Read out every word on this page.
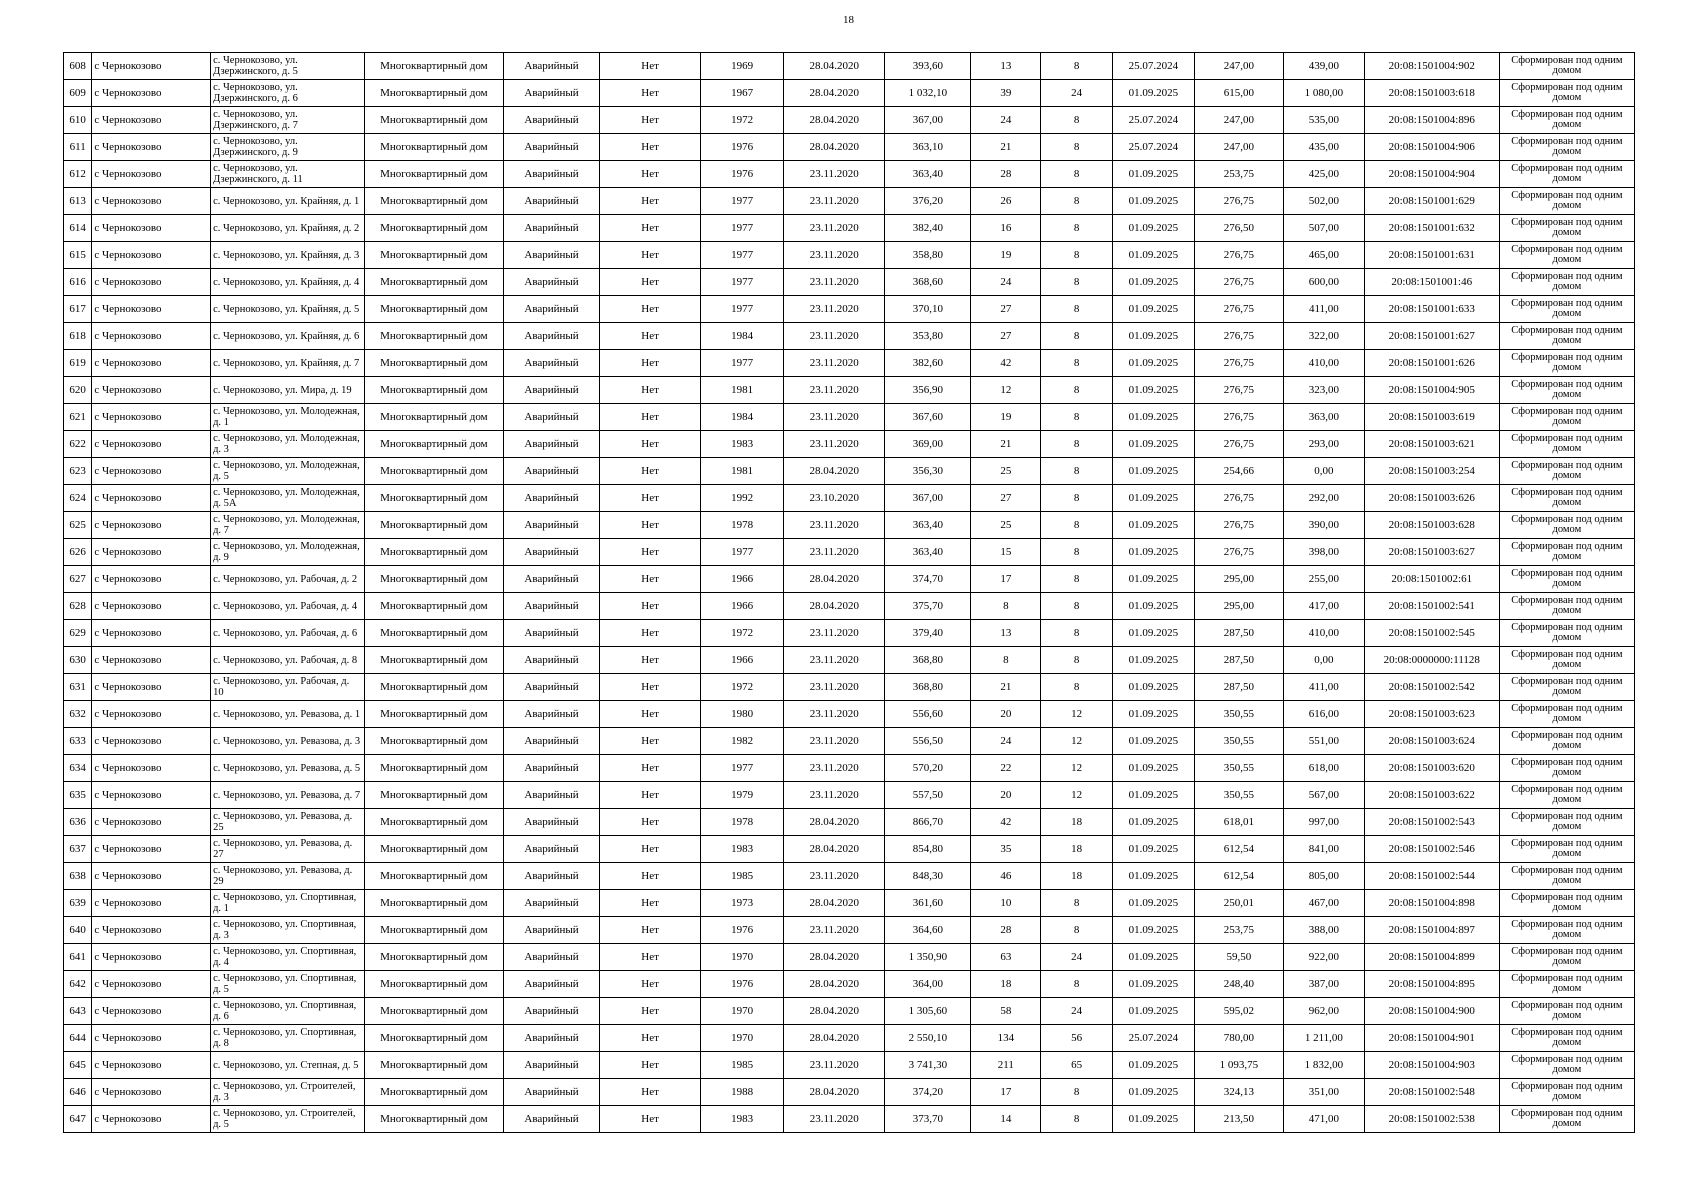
18
608	с Чернокозово	с. Чернокозово, ул. Дзержинского, д. 5	Многоквартирный дом	Аварийный	Нет	1969	28.04.2020	393,60	13	8	25.07.2024	247,00	439,00	20:08:1501004:902	Сформирован под одним домом
609	с Чернокозово	с. Чернокозово, ул. Дзержинского, д. 6	Многоквартирный дом	Аварийный	Нет	1967	28.04.2020	1 032,10	39	24	01.09.2025	615,00	1 080,00	20:08:1501003:618	Сформирован под одним домом
610	с Чернокозово	с. Чернокозово, ул. Дзержинского, д. 7	Многоквартирный дом	Аварийный	Нет	1972	28.04.2020	367,00	24	8	25.07.2024	247,00	535,00	20:08:1501004:896	Сформирован под одним домом
611	с Чернокозово	с. Чернокозово, ул. Дзержинского, д. 9	Многоквартирный дом	Аварийный	Нет	1976	28.04.2020	363,10	21	8	25.07.2024	247,00	435,00	20:08:1501004:906	Сформирован под одним домом
612	с Чернокозово	с. Чернокозово, ул. Дзержинского, д. 11	Многоквартирный дом	Аварийный	Нет	1976	23.11.2020	363,40	28	8	01.09.2025	253,75	425,00	20:08:1501004:904	Сформирован под одним домом
613	с Чернокозово	с. Чернокозово, ул. Крайняя, д. 1	Многоквартирный дом	Аварийный	Нет	1977	23.11.2020	376,20	26	8	01.09.2025	276,75	502,00	20:08:1501001:629	Сформирован под одним домом
614	с Чернокозово	с. Чернокозово, ул. Крайняя, д. 2	Многоквартирный дом	Аварийный	Нет	1977	23.11.2020	382,40	16	8	01.09.2025	276,50	507,00	20:08:1501001:632	Сформирован под одним домом
615	с Чернокозово	с. Чернокозово, ул. Крайняя, д. 3	Многоквартирный дом	Аварийный	Нет	1977	23.11.2020	358,80	19	8	01.09.2025	276,75	465,00	20:08:1501001:631	Сформирован под одним домом
616	с Чернокозово	с. Чернокозово, ул. Крайняя, д. 4	Многоквартирный дом	Аварийный	Нет	1977	23.11.2020	368,60	24	8	01.09.2025	276,75	600,00	20:08:1501001:46	Сформирован под одним домом
617	с Чернокозово	с. Чернокозово, ул. Крайняя, д. 5	Многоквартирный дом	Аварийный	Нет	1977	23.11.2020	370,10	27	8	01.09.2025	276,75	411,00	20:08:1501001:633	Сформирован под одним домом
618	с Чернокозово	с. Чернокозово, ул. Крайняя, д. 6	Многоквартирный дом	Аварийный	Нет	1984	23.11.2020	353,80	27	8	01.09.2025	276,75	322,00	20:08:1501001:627	Сформирован под одним домом
619	с Чернокозово	с. Чернокозово, ул. Крайняя, д. 7	Многоквартирный дом	Аварийный	Нет	1977	23.11.2020	382,60	42	8	01.09.2025	276,75	410,00	20:08:1501001:626	Сформирован под одним домом
620	с Чернокозово	с. Чернокозово, ул. Мира, д. 19	Многоквартирный дом	Аварийный	Нет	1981	23.11.2020	356,90	12	8	01.09.2025	276,75	323,00	20:08:1501004:905	Сформирован под одним домом
621	с Чернокозово	с. Чернокозово, ул. Молодежная, д. 1	Многоквартирный дом	Аварийный	Нет	1984	23.11.2020	367,60	19	8	01.09.2025	276,75	363,00	20:08:1501003:619	Сформирован под одним домом
622	с Чернокозово	с. Чернокозово, ул. Молодежная, д. 3	Многоквартирный дом	Аварийный	Нет	1983	23.11.2020	369,00	21	8	01.09.2025	276,75	293,00	20:08:1501003:621	Сформирован под одним домом
623	с Чернокозово	с. Чернокозово, ул. Молодежная, д. 5	Многоквартирный дом	Аварийный	Нет	1981	28.04.2020	356,30	25	8	01.09.2025	254,66	0,00	20:08:1501003:254	Сформирован под одним домом
624	с Чернокозово	с. Чернокозово, ул. Молодежная, д. 5А	Многоквартирный дом	Аварийный	Нет	1992	23.10.2020	367,00	27	8	01.09.2025	276,75	292,00	20:08:1501003:626	Сформирован под одним домом
625	с Чернокозово	с. Чернокозово, ул. Молодежная, д. 7	Многоквартирный дом	Аварийный	Нет	1978	23.11.2020	363,40	25	8	01.09.2025	276,75	390,00	20:08:1501003:628	Сформирован под одним домом
626	с Чернокозово	с. Чернокозово, ул. Молодежная, д. 9	Многоквартирный дом	Аварийный	Нет	1977	23.11.2020	363,40	15	8	01.09.2025	276,75	398,00	20:08:1501003:627	Сформирован под одним домом
627	с Чернокозово	с. Чернокозово, ул. Рабочая, д. 2	Многоквартирный дом	Аварийный	Нет	1966	28.04.2020	374,70	17	8	01.09.2025	295,00	255,00	20:08:1501002:61	Сформирован под одним домом
628	с Чернокозово	с. Чернокозово, ул. Рабочая, д. 4	Многоквартирный дом	Аварийный	Нет	1966	28.04.2020	375,70	8	8	01.09.2025	295,00	417,00	20:08:1501002:541	Сформирован под одним домом
629	с Чернокозово	с. Чернокозово, ул. Рабочая, д. 6	Многоквартирный дом	Аварийный	Нет	1972	23.11.2020	379,40	13	8	01.09.2025	287,50	410,00	20:08:1501002:545	Сформирован под одним домом
630	с Чернокозово	с. Чернокозово, ул. Рабочая, д. 8	Многоквартирный дом	Аварийный	Нет	1966	23.11.2020	368,80	8	8	01.09.2025	287,50	0,00	20:08:0000000:11128	Сформирован под одним домом
631	с Чернокозово	с. Чернокозово, ул. Рабочая, д. 10	Многоквартирный дом	Аварийный	Нет	1972	23.11.2020	368,80	21	8	01.09.2025	287,50	411,00	20:08:1501002:542	Сформирован под одним домом
632	с Чернокозово	с. Чернокозово, ул. Ревазова, д. 1	Многоквартирный дом	Аварийный	Нет	1980	23.11.2020	556,60	20	12	01.09.2025	350,55	616,00	20:08:1501003:623	Сформирован под одним домом
633	с Чернокозово	с. Чернокозово, ул. Ревазова, д. 3	Многоквартирный дом	Аварийный	Нет	1982	23.11.2020	556,50	24	12	01.09.2025	350,55	551,00	20:08:1501003:624	Сформирован под одним домом
634	с Чернокозово	с. Чернокозово, ул. Ревазова, д. 5	Многоквартирный дом	Аварийный	Нет	1977	23.11.2020	570,20	22	12	01.09.2025	350,55	618,00	20:08:1501003:620	Сформирован под одним домом
635	с Чернокозово	с. Чернокозово, ул. Ревазова, д. 7	Многоквартирный дом	Аварийный	Нет	1979	23.11.2020	557,50	20	12	01.09.2025	350,55	567,00	20:08:1501003:622	Сформирован под одним домом
636	с Чернокозово	с. Чернокозово, ул. Ревазова, д. 25	Многоквартирный дом	Аварийный	Нет	1978	28.04.2020	866,70	42	18	01.09.2025	618,01	997,00	20:08:1501002:543	Сформирован под одним домом
637	с Чернокозово	с. Чернокозово, ул. Ревазова, д. 27	Многоквартирный дом	Аварийный	Нет	1983	28.04.2020	854,80	35	18	01.09.2025	612,54	841,00	20:08:1501002:546	Сформирован под одним домом
638	с Чернокозово	с. Чернокозово, ул. Ревазова, д. 29	Многоквартирный дом	Аварийный	Нет	1985	23.11.2020	848,30	46	18	01.09.2025	612,54	805,00	20:08:1501002:544	Сформирован под одним домом
639	с Чернокозово	с. Чернокозово, ул. Спортивная, д. 1	Многоквартирный дом	Аварийный	Нет	1973	28.04.2020	361,60	10	8	01.09.2025	250,01	467,00	20:08:1501004:898	Сформирован под одним домом
640	с Чернокозово	с. Чернокозово, ул. Спортивная, д. 3	Многоквартирный дом	Аварийный	Нет	1976	23.11.2020	364,60	28	8	01.09.2025	253,75	388,00	20:08:1501004:897	Сформирован под одним домом
641	с Чернокозово	с. Чернокозово, ул. Спортивная, д. 4	Многоквартирный дом	Аварийный	Нет	1970	28.04.2020	1 350,90	63	24	01.09.2025	59,50	922,00	20:08:1501004:899	Сформирован под одним домом
642	с Чернокозово	с. Чернокозово, ул. Спортивная, д. 5	Многоквартирный дом	Аварийный	Нет	1976	28.04.2020	364,00	18	8	01.09.2025	248,40	387,00	20:08:1501004:895	Сформирован под одним домом
643	с Чернокозово	с. Чернокозово, ул. Спортивная, д. 6	Многоквартирный дом	Аварийный	Нет	1970	28.04.2020	1 305,60	58	24	01.09.2025	595,02	962,00	20:08:1501004:900	Сформирован под одним домом
644	с Чернокозово	с. Чернокозово, ул. Спортивная, д. 8	Многоквартирный дом	Аварийный	Нет	1970	28.04.2020	2 550,10	134	56	25.07.2024	780,00	1 211,00	20:08:1501004:901	Сформирован под одним домом
645	с Чернокозово	с. Чернокозово, ул. Степная, д. 5	Многоквартирный дом	Аварийный	Нет	1985	23.11.2020	3 741,30	211	65	01.09.2025	1 093,75	1 832,00	20:08:1501004:903	Сформирован под одним домом
646	с Чернокозово	с. Чернокозово, ул. Строителей, д. 3	Многоквартирный дом	Аварийный	Нет	1988	28.04.2020	374,20	17	8	01.09.2025	324,13	351,00	20:08:1501002:548	Сформирован под одним домом
647	с Чернокозово	с. Чернокозово, ул. Строителей, д. 5	Многоквартирный дом	Аварийный	Нет	1983	23.11.2020	373,70	14	8	01.09.2025	213,50	471,00	20:08:1501002:538	Сформирован под одним домом
